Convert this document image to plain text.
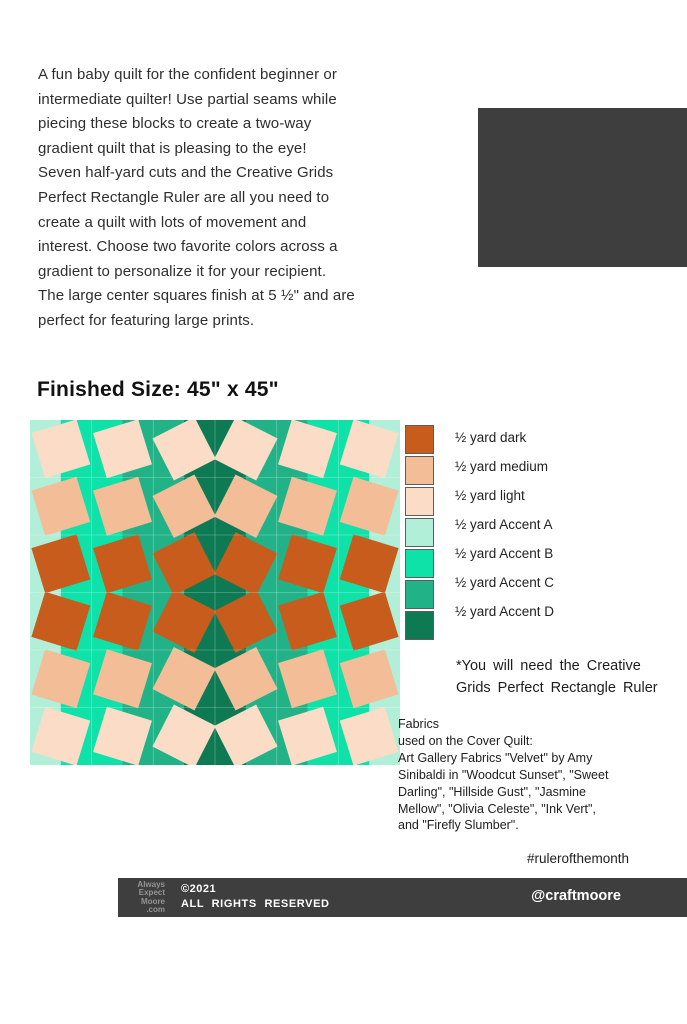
A fun baby quilt for the confident beginner or
intermediate quilter! Use partial seams while
piecing these blocks to create a two-way
gradient quilt that is pleasing to the eye!
Seven half-yard cuts and the Creative Grids
Perfect Rectangle Ruler are all you need to
create a quilt with lots of movement and
interest. Choose two favorite colors across a
gradient to personalize it for your recipient.
The large center squares finish at 5 ½" and are
perfect for featuring large prints.
Finished Size: 45" x 45"
½ yard dark
½ yard medium
½ yard light
½ yard Accent A
½ yard Accent B
½ yard Accent C
½ yard Accent D
*You will need the Creative
Grids Perfect Rectangle Ruler
Fabrics
used on the Cover Quilt:
Art Gallery Fabrics "Velvet" by Amy
Sinibaldi in "Woodcut Sunset", "Sweet
Darling", "Hillside Gust", "Jasmine
Mellow", "Olivia Celeste", "Ink Vert",
and "Firefly Slumber".
#rulerofthemonth
Always
Expect
Moore
.com
©2021
ALL RIGHTS RESERVED	@craftmoore
